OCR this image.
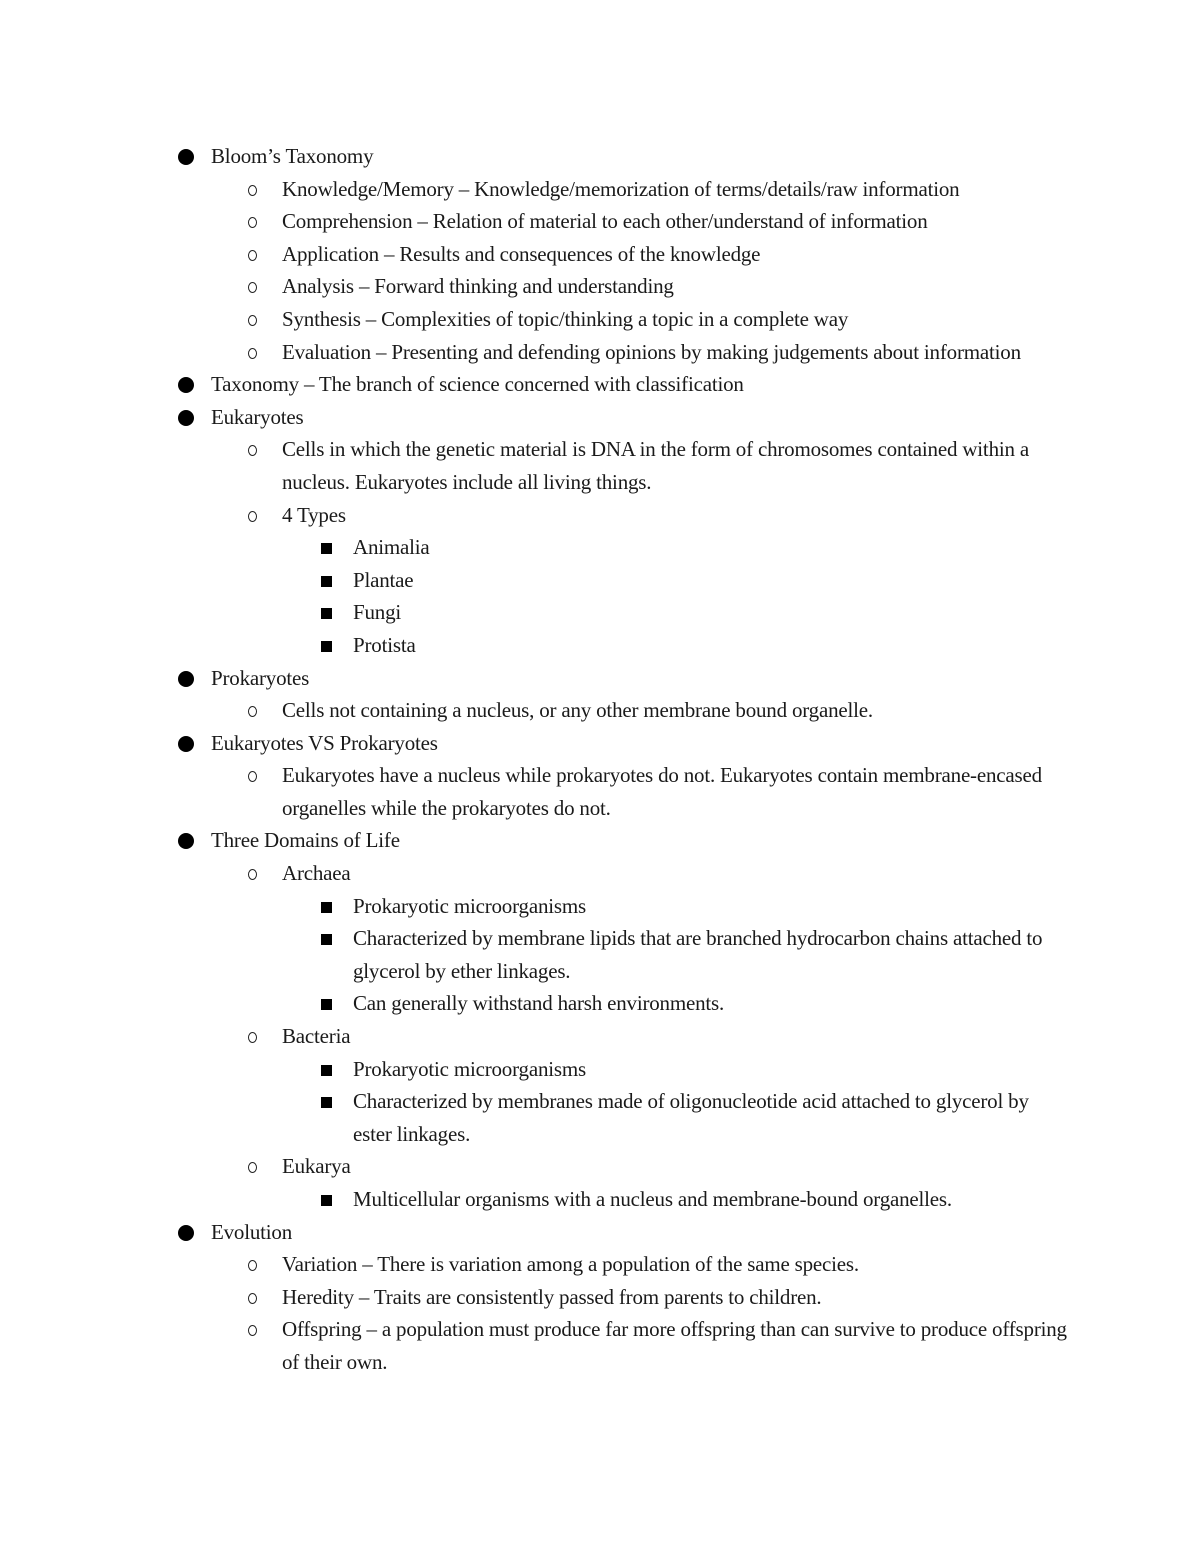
Bloom’s Taxonomy
Knowledge/Memory – Knowledge/memorization of terms/details/raw information
Comprehension – Relation of material to each other/understand of information
Application – Results and consequences of the knowledge
Analysis – Forward thinking and understanding
Synthesis – Complexities of topic/thinking a topic in a complete way
Evaluation – Presenting and defending opinions by making judgements about information
Taxonomy – The branch of science concerned with classification
Eukaryotes
Cells in which the genetic material is DNA in the form of chromosomes contained within a nucleus. Eukaryotes include all living things.
4 Types
Animalia
Plantae
Fungi
Protista
Prokaryotes
Cells not containing a nucleus, or any other membrane bound organelle.
Eukaryotes VS Prokaryotes
Eukaryotes have a nucleus while prokaryotes do not. Eukaryotes contain membrane-encased organelles while the prokaryotes do not.
Three Domains of Life
Archaea
Prokaryotic microorganisms
Characterized by membrane lipids that are branched hydrocarbon chains attached to glycerol by ether linkages.
Can generally withstand harsh environments.
Bacteria
Prokaryotic microorganisms
Characterized by membranes made of oligonucleotide acid attached to glycerol by ester linkages.
Eukarya
Multicellular organisms with a nucleus and membrane-bound organelles.
Evolution
Variation – There is variation among a population of the same species.
Heredity – Traits are consistently passed from parents to children.
Offspring – a population must produce far more offspring than can survive to produce offspring of their own.
